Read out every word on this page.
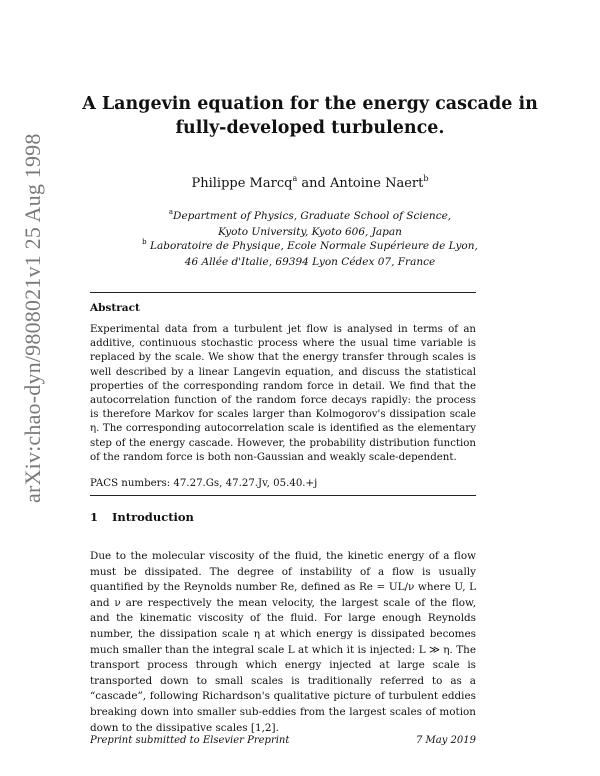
arXiv:chao-dyn/9808021v1 25 Aug 1998
A Langevin equation for the energy cascade in
fully-developed turbulence.
Philippe Marcq$^a$ and Antoine Naert$^b$
$^a$Department of Physics, Graduate School of Science,
Kyoto University, Kyoto 606, Japan
$^b$ Laboratoire de Physique, Ecole Normale Supérieure de Lyon,
46 Allée d'Italie, 69394 Lyon Cédex 07, France
Abstract
Experimental data from a turbulent jet flow is analysed in terms of an additive, continuous stochastic process where the usual time variable is replaced by the scale. We show that the energy transfer through scales is well described by a linear Langevin equation, and discuss the statistical properties of the corresponding random force in detail. We find that the autocorrelation function of the random force decays rapidly: the process is therefore Markov for scales larger than Kolmogorov's dissipation scale η. The corresponding autocorrelation scale is identified as the elementary step of the energy cascade. However, the probability distribution function of the random force is both non-Gaussian and weakly scale-dependent.
PACS numbers: 47.27.Gs, 47.27.Jv, 05.40.+j
1 Introduction
Due to the molecular viscosity of the fluid, the kinetic energy of a flow must be dissipated. The degree of instability of a flow is usually quantified by the Reynolds number Re, defined as Re = UL/ν where U, L and ν are respectively the mean velocity, the largest scale of the flow, and the kinematic viscosity of the fluid. For large enough Reynolds number, the dissipation scale η at which energy is dissipated becomes much smaller than the integral scale L at which it is injected: L ≫ η. The transport process through which energy injected at large scale is transported down to small scales is traditionally referred to as a “cascade”, following Richardson's qualitative picture of turbulent eddies breaking down into smaller sub-eddies from the largest scales of motion down to the dissipative scales [1,2].
Preprint submitted to Elsevier Preprint	7 May 2019
